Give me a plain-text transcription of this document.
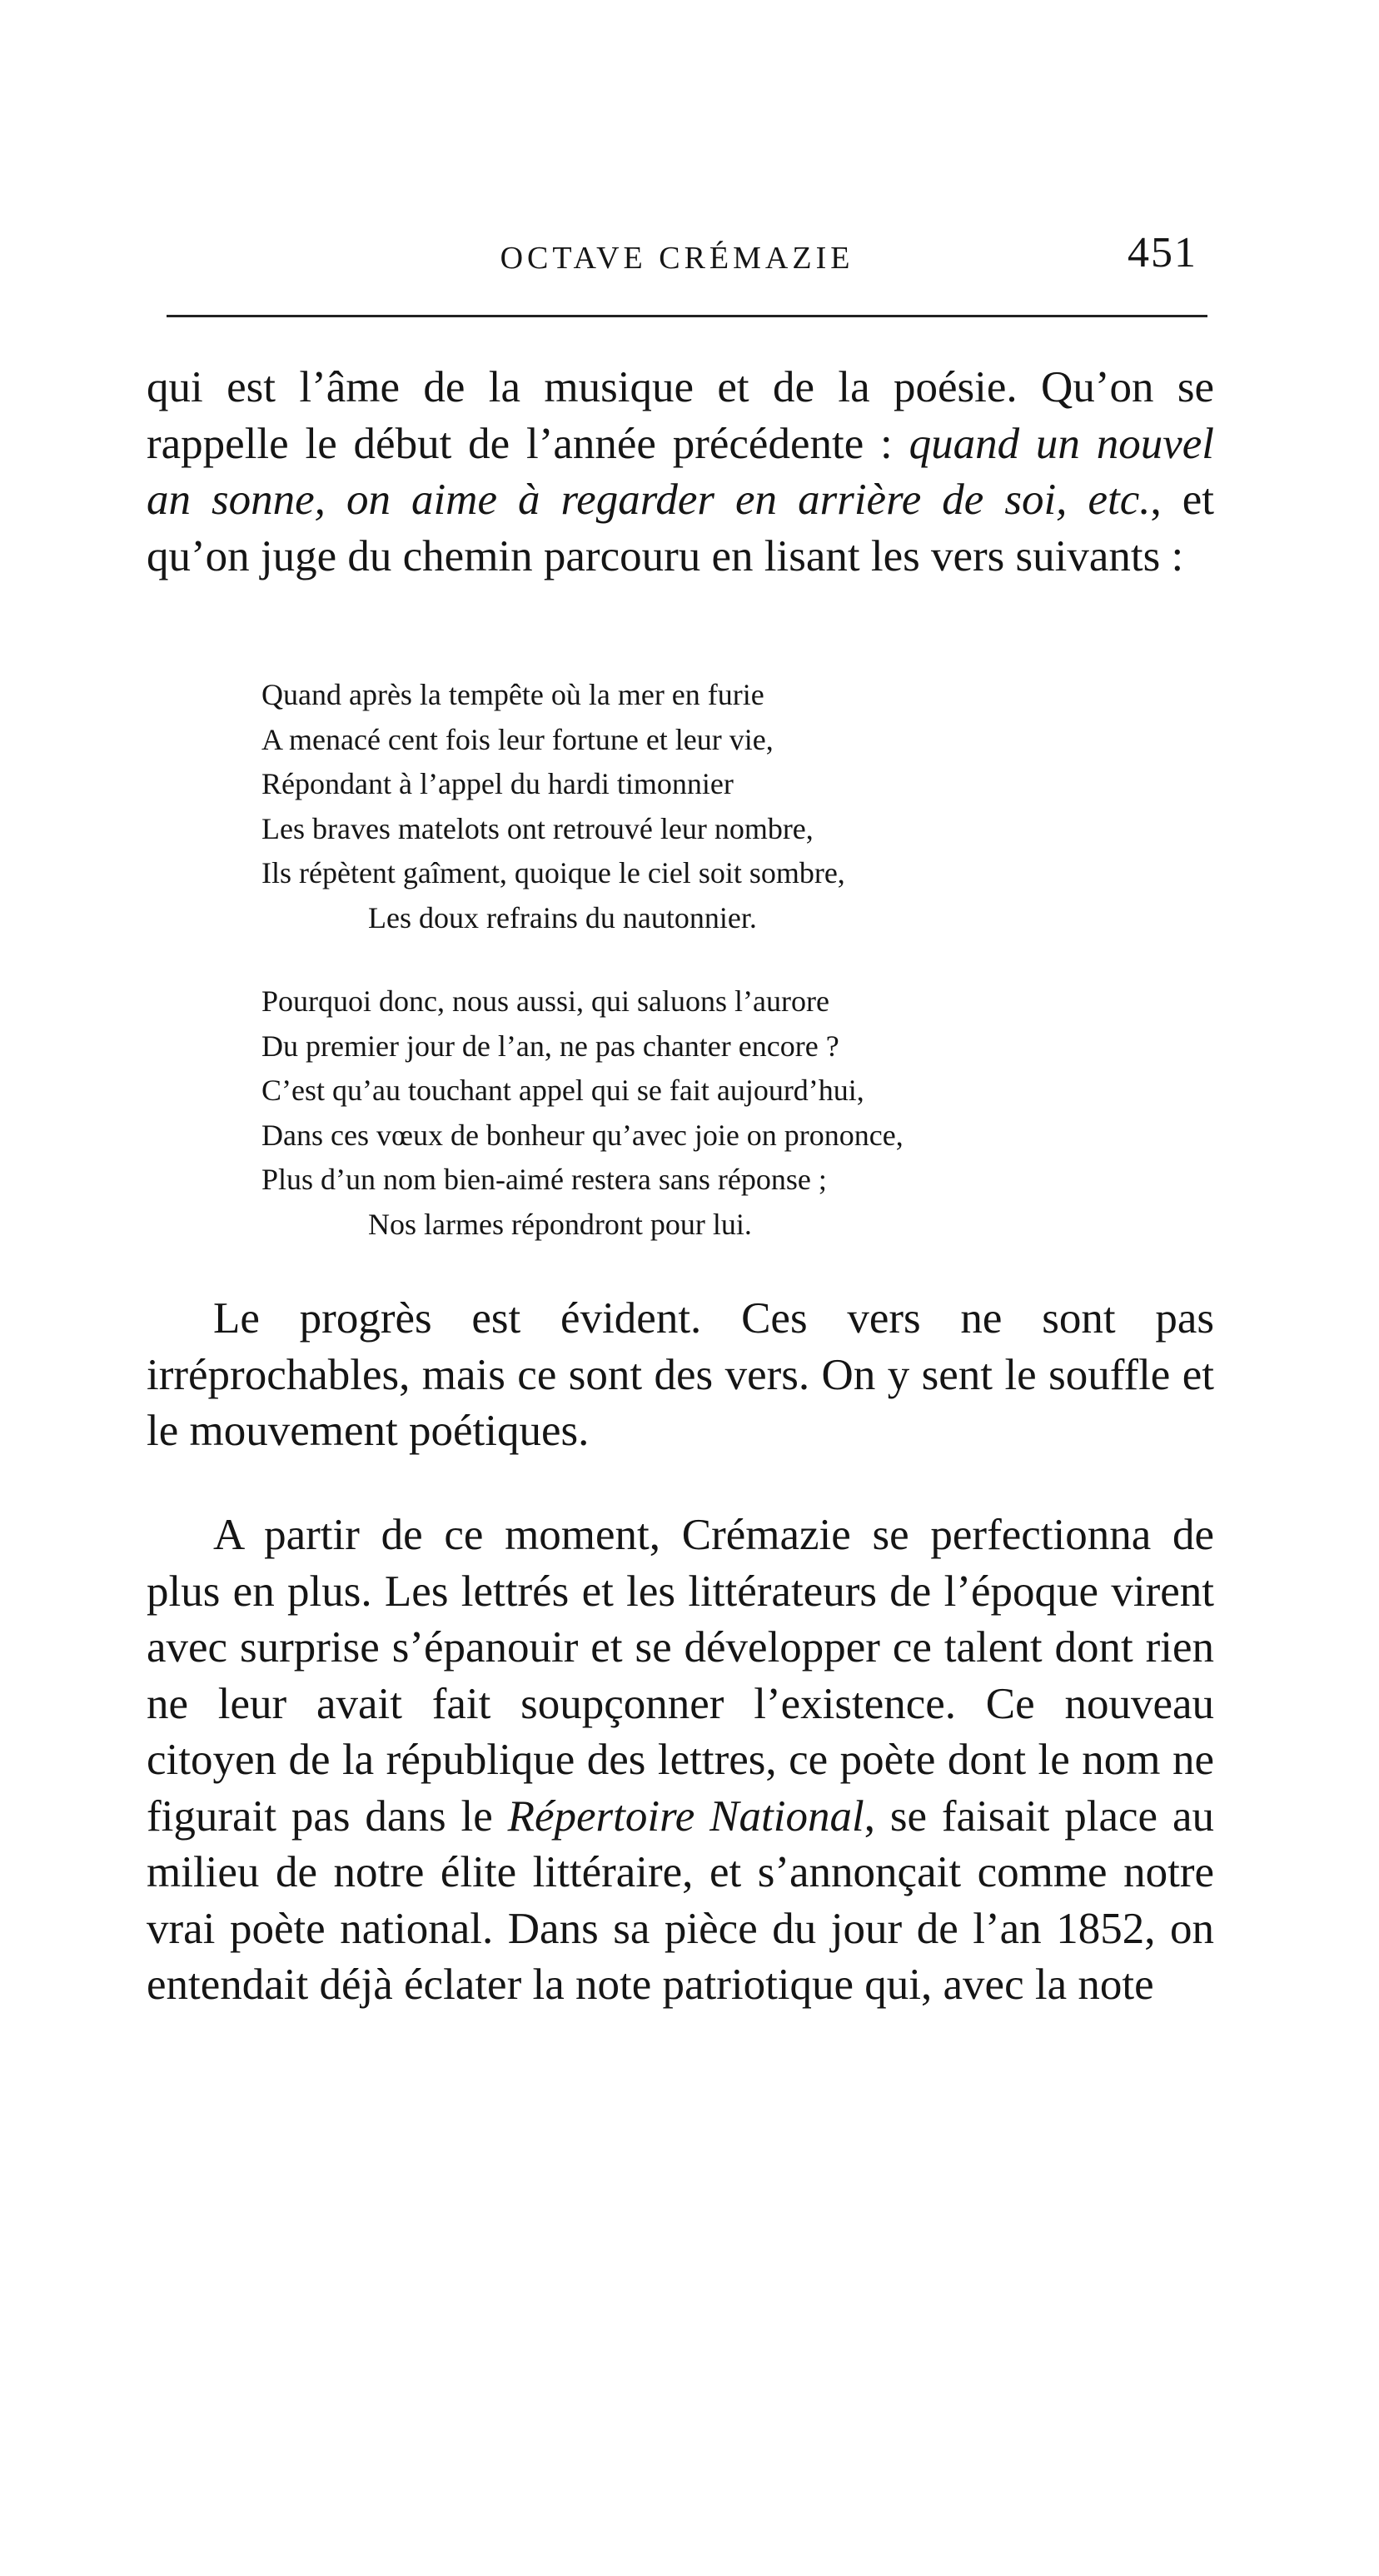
OCTAVE CRÉMAZIE	451

qui est l’âme de la musique et de la poésie. Qu’on se rappelle le début de l’année précédente : quand un nouvel an sonne, on aime à regarder en arrière de soi, etc., et qu’on juge du chemin parcouru en lisant les vers suivants :

Quand après la tempête où la mer en furie
A menacé cent fois leur fortune et leur vie,
Répondant à l’appel du hardi timonnier
Les braves matelots ont retrouvé leur nombre,
Ils répètent gaîment, quoique le ciel soit sombre,
Les doux refrains du nautonnier.
Pourquoi donc, nous aussi, qui saluons l’aurore
Du premier jour de l’an, ne pas chanter encore ?
C’est qu’au touchant appel qui se fait aujourd’hui,
Dans ces vœux de bonheur qu’avec joie on prononce,
Plus d’un nom bien-aimé restera sans réponse ;
Nos larmes répondront pour lui.

Le progrès est évident. Ces vers ne sont pas irréprochables, mais ce sont des vers. On y sent le souffle et le mouvement poétiques.

A partir de ce moment, Crémazie se perfectionna de plus en plus. Les lettrés et les littérateurs de l’époque virent avec surprise s’épanouir et se développer ce talent dont rien ne leur avait fait soupçonner l’existence. Ce nouveau citoyen de la république des lettres, ce poète dont le nom ne figurait pas dans le Répertoire National, se faisait place au milieu de notre élite littéraire, et s’annonçait comme notre vrai poète national. Dans sa pièce du jour de l’an 1852, on entendait déjà éclater la note patriotique qui, avec la note
